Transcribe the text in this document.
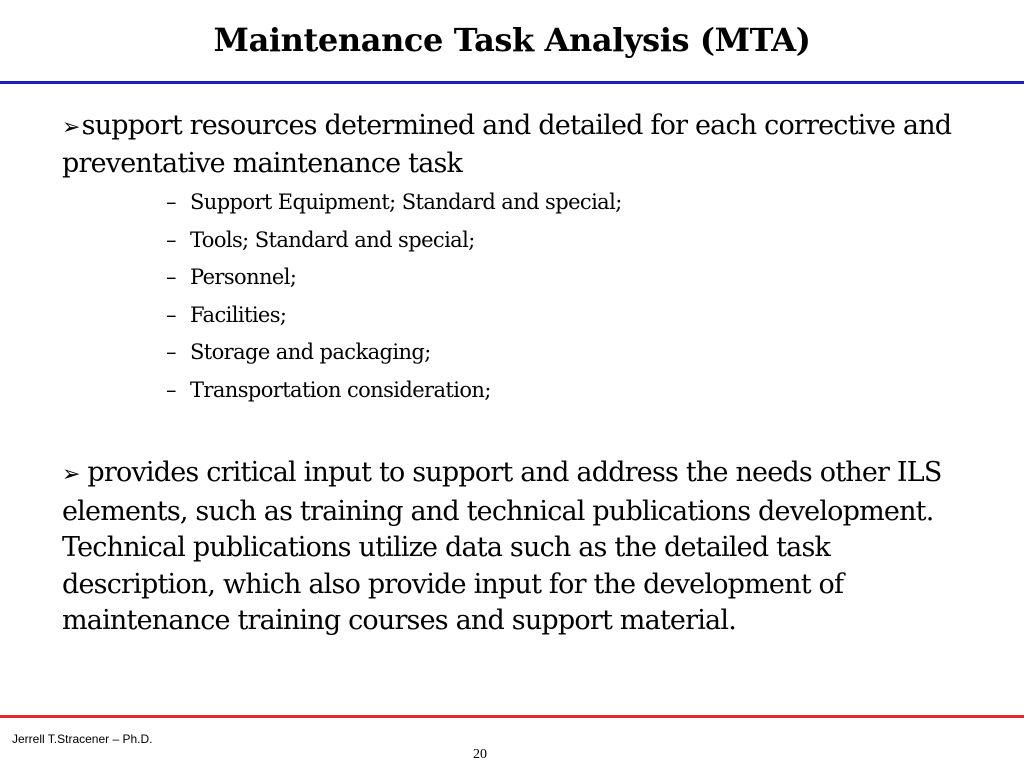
Maintenance Task Analysis (MTA)

➢support resources determined and detailed for each corrective and preventative maintenance task

– Support Equipment; Standard and special;
– Tools; Standard and special;
– Personnel;
– Facilities;
– Storage and packaging;
– Transportation consideration;

➢ provides critical input to support and address the needs other ILS elements, such as training and technical publications development. Technical publications utilize data such as the detailed task description, which also provide input for the development of maintenance training courses and support material.

Jerrell T.Stracener – Ph.D.
20
